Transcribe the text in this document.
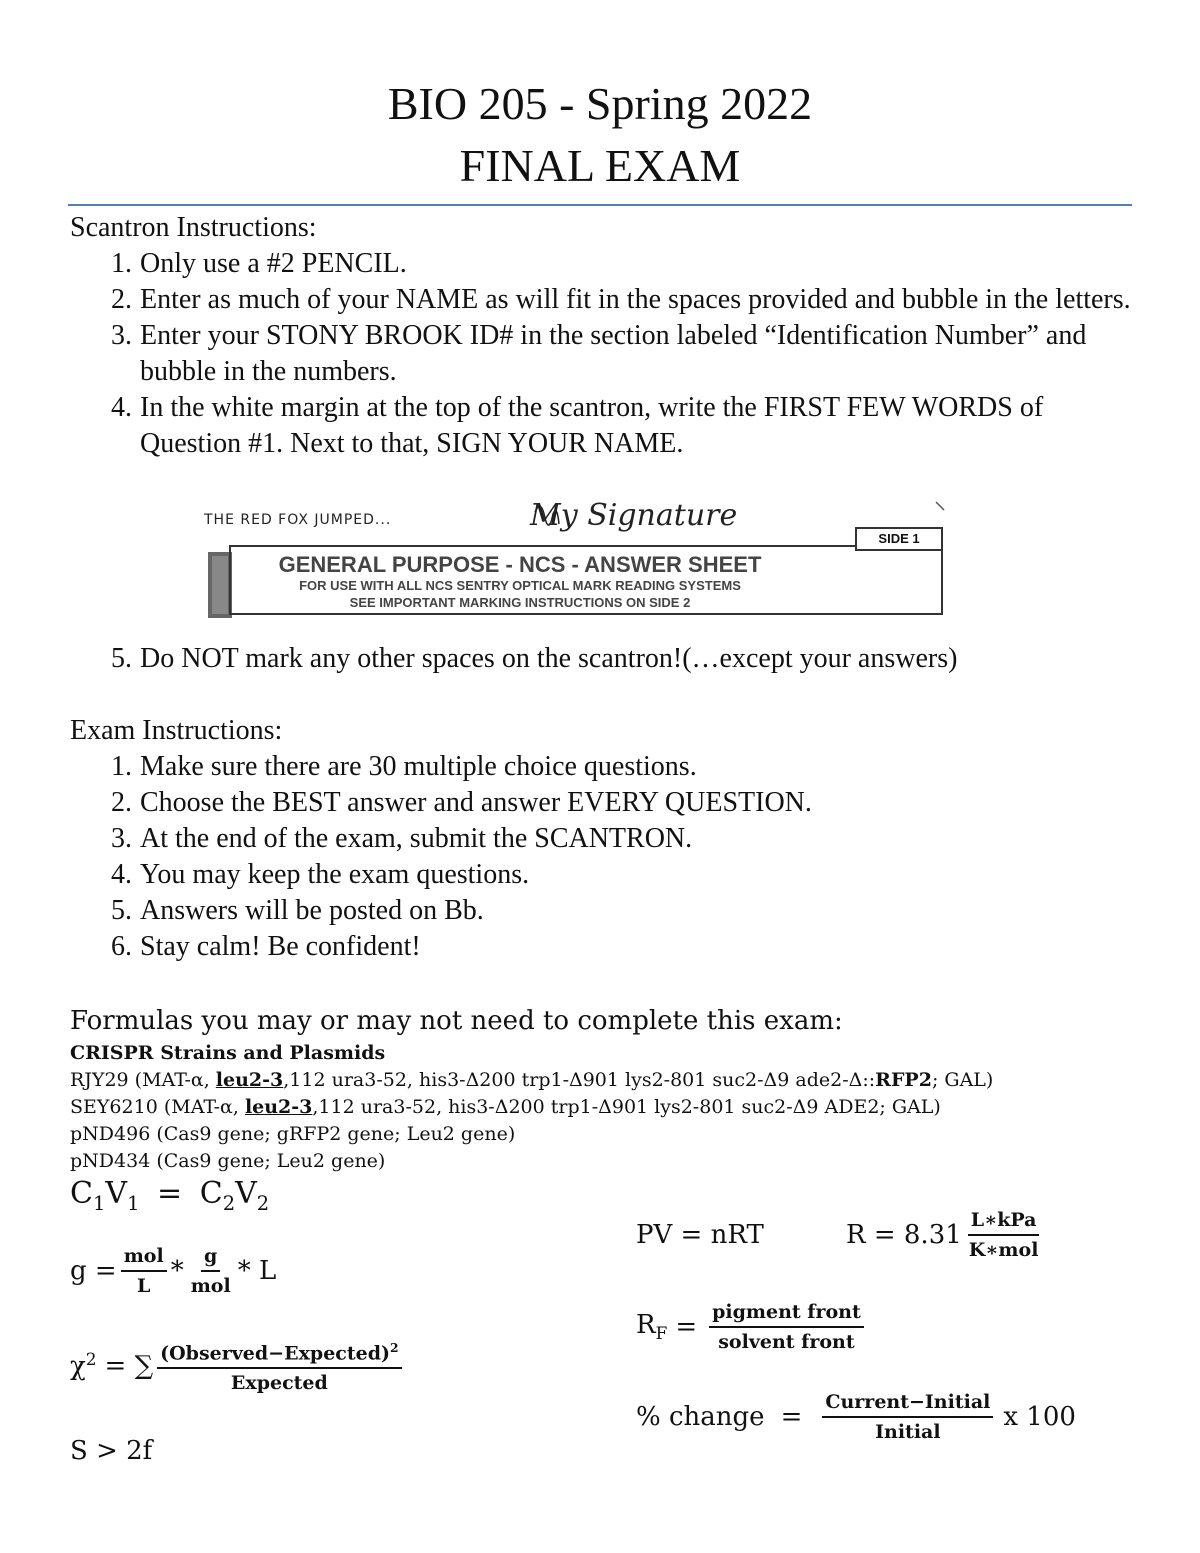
BIO 205 - Spring 2022
FINAL EXAM
Scantron Instructions:
1. Only use a #2 PENCIL.
2. Enter as much of your NAME as will fit in the spaces provided and bubble in the letters.
3. Enter your STONY BROOK ID# in the section labeled “Identification Number” and bubble in the numbers.
4. In the white margin at the top of the scantron, write the FIRST FEW WORDS of Question #1. Next to that, SIGN YOUR NAME.
THE RED FOX JUMPED...	My Signature
SIDE 1
GENERAL PURPOSE - NCS - ANSWER SHEET
FOR USE WITH ALL NCS SENTRY OPTICAL MARK READING SYSTEMS
SEE IMPORTANT MARKING INSTRUCTIONS ON SIDE 2
5. Do NOT mark any other spaces on the scantron!(…except your answers)
Exam Instructions:
1. Make sure there are 30 multiple choice questions.
2. Choose the BEST answer and answer EVERY QUESTION.
3. At the end of the exam, submit the SCANTRON.
4. You may keep the exam questions.
5. Answers will be posted on Bb.
6. Stay calm! Be confident!
Formulas you may or may not need to complete this exam:
CRISPR Strains and Plasmids
RJY29 (MAT-α, leu2-3,112 ura3-52, his3-Δ200 trp1-Δ901 lys2-801 suc2-Δ9 ade2-Δ::RFP2; GAL)
SEY6210 (MAT-α, leu2-3,112 ura3-52, his3-Δ200 trp1-Δ901 lys2-801 suc2-Δ9 ADE2; GAL)
pND496 (Cas9 gene; gRFP2 gene; Leu2 gene)
pND434 (Cas9 gene; Leu2 gene)
$C_1V_1 = C_2V_2$
$g = \frac{\text{mol}}{L} * \frac{g}{\text{mol}} * L$
$\chi^2$ = ∑ $\frac{(Observed-Expected)^2}{\text{Expected}}$
S > 2f
PV = nRT	$R = 8.31 \frac{\text{L∗kPa}}{\text{K∗mol}}$
$R_F = \frac{\text{pigment front}}{\text{solvent front}}$
% change = $\frac{\text{Current−Initial}}{\text{Initial}}$ x 100
